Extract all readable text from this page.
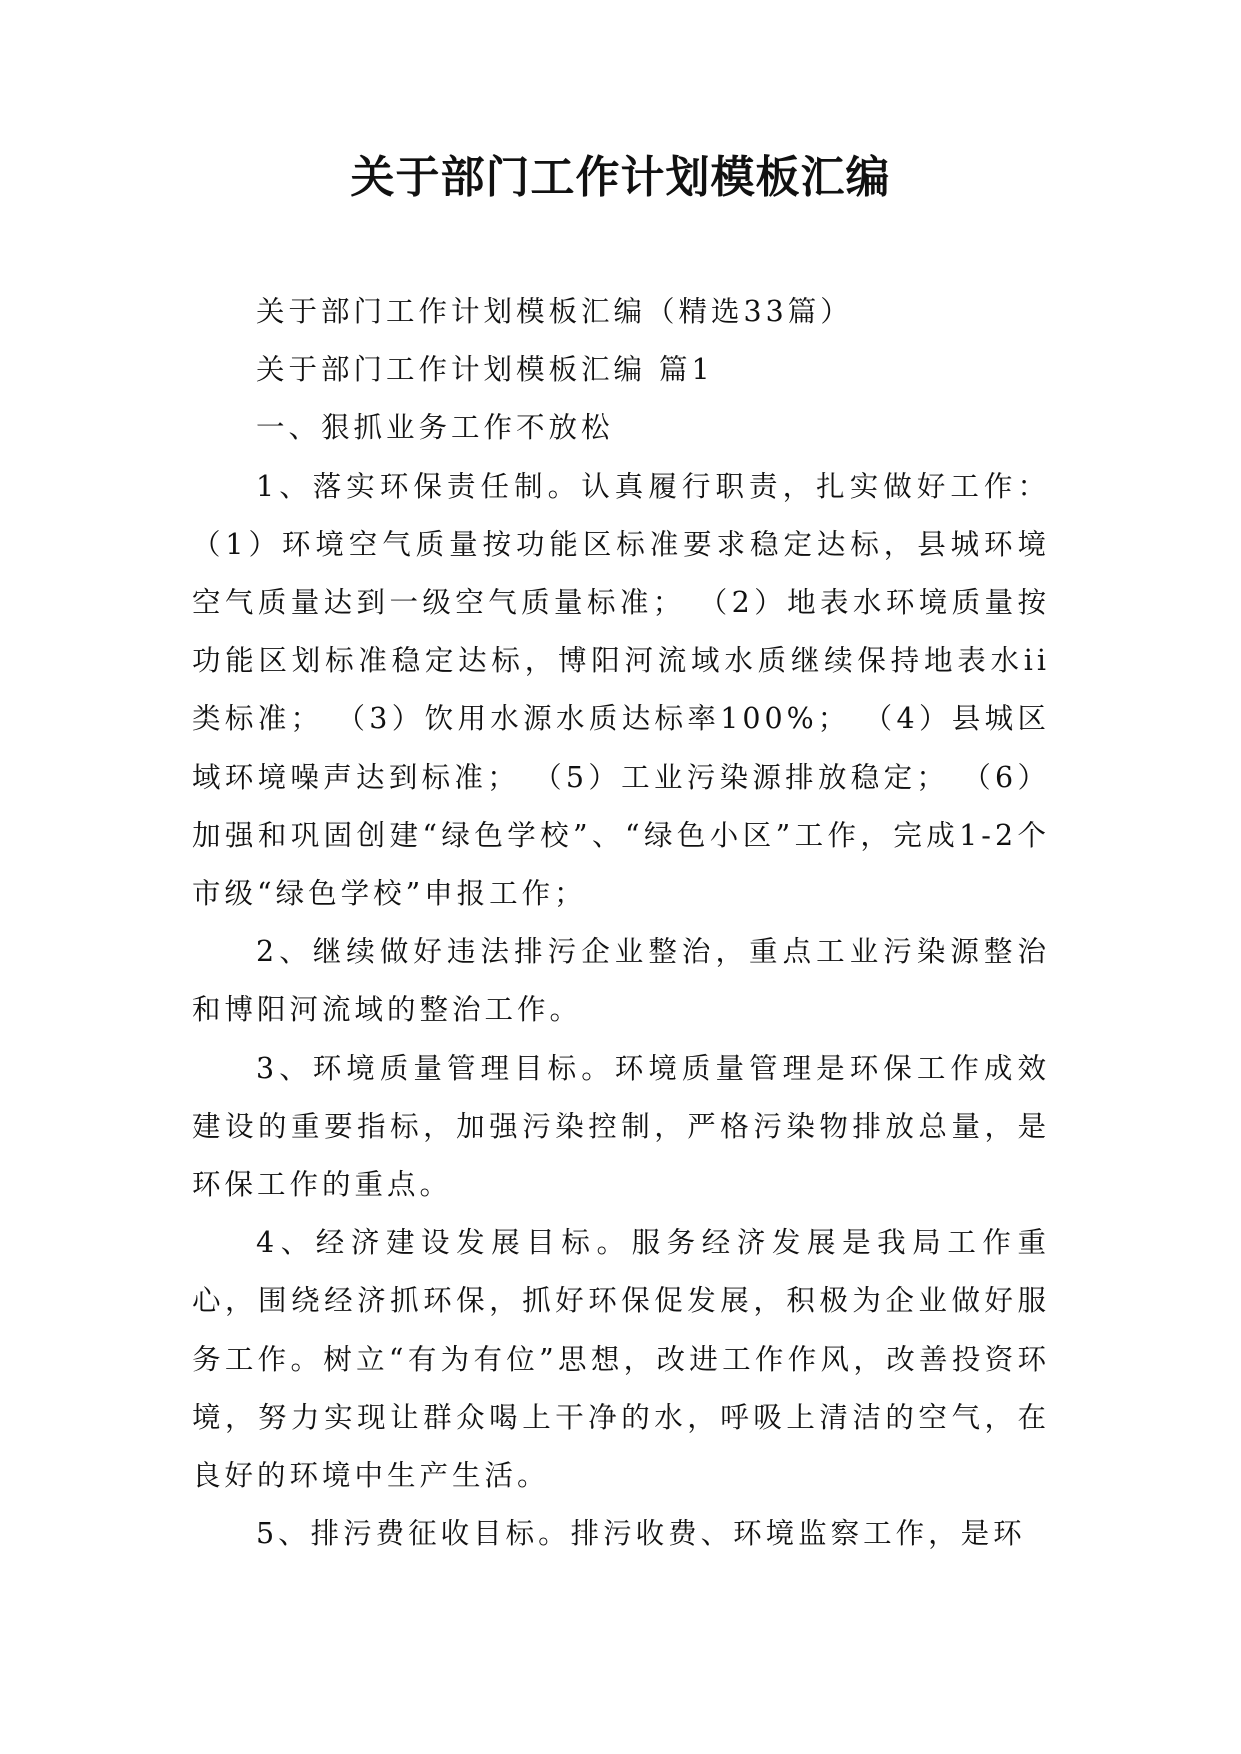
关于部门工作计划模板汇编

关于部门工作计划模板汇编（精选33篇）

关于部门工作计划模板汇编 篇1

一、狠抓业务工作不放松

1、落实环保责任制。认真履行职责，扎实做好工作：（1）环境空气质量按功能区标准要求稳定达标，县城环境空气质量达到一级空气质量标准； （2）地表水环境质量按功能区划标准稳定达标，博阳河流域水质继续保持地表水ii类标准； （3）饮用水源水质达标率100%； （4）县城区域环境噪声达到标准； （5）工业污染源排放稳定； （6）加强和巩固创建“绿色学校”、“绿色小区”工作，完成1-2个市级“绿色学校”申报工作；

2、继续做好违法排污企业整治，重点工业污染源整治和博阳河流域的整治工作。

3、环境质量管理目标。环境质量管理是环保工作成效建设的重要指标，加强污染控制，严格污染物排放总量，是环保工作的重点。

4、经济建设发展目标。服务经济发展是我局工作重心，围绕经济抓环保，抓好环保促发展，积极为企业做好服务工作。树立“有为有位”思想，改进工作作风，改善投资环境，努力实现让群众喝上干净的水，呼吸上清洁的空气，在良好的环境中生产生活。

5、排污费征收目标。排污收费、环境监察工作，是环
